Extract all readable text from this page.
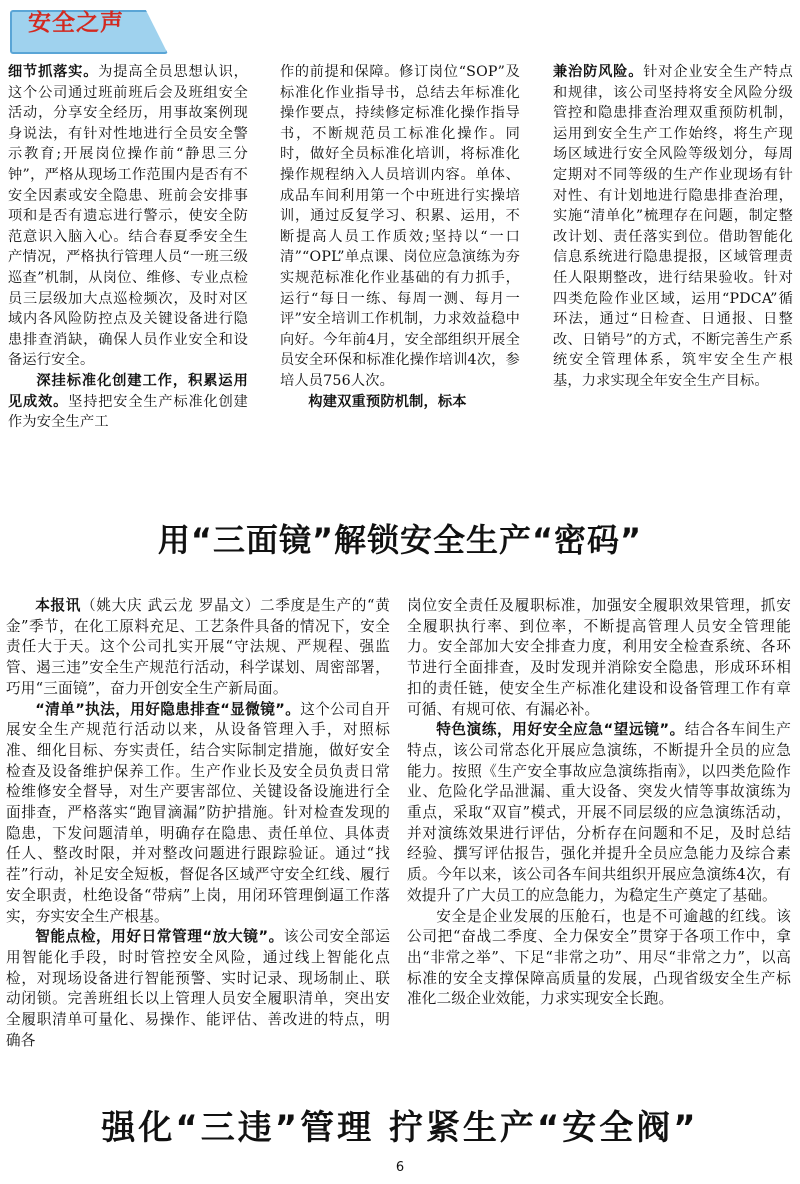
安全之声

细节抓落实。为提高全员思想认识，这个公司通过班前班后会及班组安全活动，分享安全经历，用事故案例现身说法，有针对性地进行全员安全警示教育;开展岗位操作前“静思三分钟”，严格从现场工作范围内是否有不安全因素或安全隐患、班前会安排事项和是否有遗忘进行警示，使安全防范意识入脑入心。结合春夏季安全生产情况，严格执行管理人员“一班三级巡查”机制，从岗位、维修、专业点检员三层级加大点巡检频次，及时对区域内各风险防控点及关键设备进行隐患排查消缺，确保人员作业安全和设备运行安全。

深挂标准化创建工作，积累运用见成效。坚持把安全生产标准化创建作为安全生产工

作的前提和保障。修订岗位“SOP”及标准化作业指导书，总结去年标准化操作要点，持续修定标准化操作指导书，不断规范员工标准化操作。同时，做好全员标准化培训，将标准化操作规程纳入人员培训内容。单体、成品车间利用第一个中班进行实操培训，通过反复学习、积累、运用，不断提高人员工作质效;坚持以“一口清”“OPL”单点课、岗位应急演练为夯实规范标准化作业基础的有力抓手，运行“每日一练、每周一测、每月一评”安全培训工作机制，力求效益稳中向好。今年前4月，安全部组织开展全员安全环保和标准化操作培训4次，参培人员756人次。

构建双重预防机制，标本

兼治防风险。针对企业安全生产特点和规律，该公司坚持将安全风险分级管控和隐患排查治理双重预防机制，运用到安全生产工作始终，将生产现场区域进行安全风险等级划分，每周定期对不同等级的生产作业现场有针对性、有计划地进行隐患排查治理，实施“清单化”梳理存在问题，制定整改计划、责任落实到位。借助智能化信息系统进行隐患提报，区域管理责任人限期整改，进行结果验收。针对四类危险作业区域，运用“PDCA”循环法，通过“日检查、日通报、日整改、日销号”的方式，不断完善生产系统安全管理体系，筑牢安全生产根基，力求实现全年安全生产目标。

用“三面镜”解锁安全生产“密码”

本报讯（姚大庆 武云龙 罗晶文）二季度是生产的“黄金”季节，在化工原料充足、工艺条件具备的情况下，安全责任大于天。这个公司扎实开展“守法规、严规程、强监管、遏三违”安全生产规范行活动，科学谋划、周密部署，巧用“三面镜”，奋力开创安全生产新局面。

“清单”执法，用好隐患排查“显微镜”。这个公司自开展安全生产规范行活动以来，从设备管理入手，对照标准、细化目标、夯实责任，结合实际制定措施，做好安全检查及设备维护保养工作。生产作业长及安全员负责日常检维修安全督导，对生产要害部位、关键设备设施进行全面排查，严格落实“跑冒滴漏”防护措施。针对检查发现的隐患，下发问题清单，明确存在隐患、责任单位、具体责任人、整改时限，并对整改问题进行跟踪验证。通过“找茬”行动，补足安全短板，督促各区域严守安全红线、履行安全职责，杜绝设备“带病”上岗，用闭环管理倒逼工作落实，夯实安全生产根基。

智能点检，用好日常管理“放大镜”。该公司安全部运用智能化手段，时时管控安全风险，通过线上智能化点检，对现场设备进行智能预警、实时记录、现场制止、联动闭锁。完善班组长以上管理人员安全履职清单，突出安全履职清单可量化、易操作、能评估、善改进的特点，明确各

岗位安全责任及履职标准，加强安全履职效果管理，抓安全履职执行率、到位率，不断提高管理人员安全管理能力。安全部加大安全排查力度，利用安全检查系统、各环节进行全面排查，及时发现并消除安全隐患，形成环环相扣的责任链，使安全生产标准化建设和设备管理工作有章可循、有规可依、有漏必补。

特色演练，用好安全应急“望远镜”。结合各车间生产特点，该公司常态化开展应急演练，不断提升全员的应急能力。按照《生产安全事故应急演练指南》，以四类危险作业、危险化学品泄漏、重大设备、突发火情等事故演练为重点，采取“双盲”模式，开展不同层级的应急演练活动，并对演练效果进行评估，分析存在问题和不足，及时总结经验、撰写评估报告，强化并提升全员应急能力及综合素质。今年以来，该公司各车间共组织开展应急演练4次，有效提升了广大员工的应急能力，为稳定生产奠定了基础。

安全是企业发展的压舱石，也是不可逾越的红线。该公司把“奋战二季度、全力保安全”贯穿于各项工作中，拿出“非常之举”、下足“非常之功”、用尽“非常之力”，以高标准的安全支撑保障高质量的发展，凸现省级安全生产标准化二级企业效能，力求实现安全长跑。

强化“三违”管理 拧紧生产“安全阀”
6
